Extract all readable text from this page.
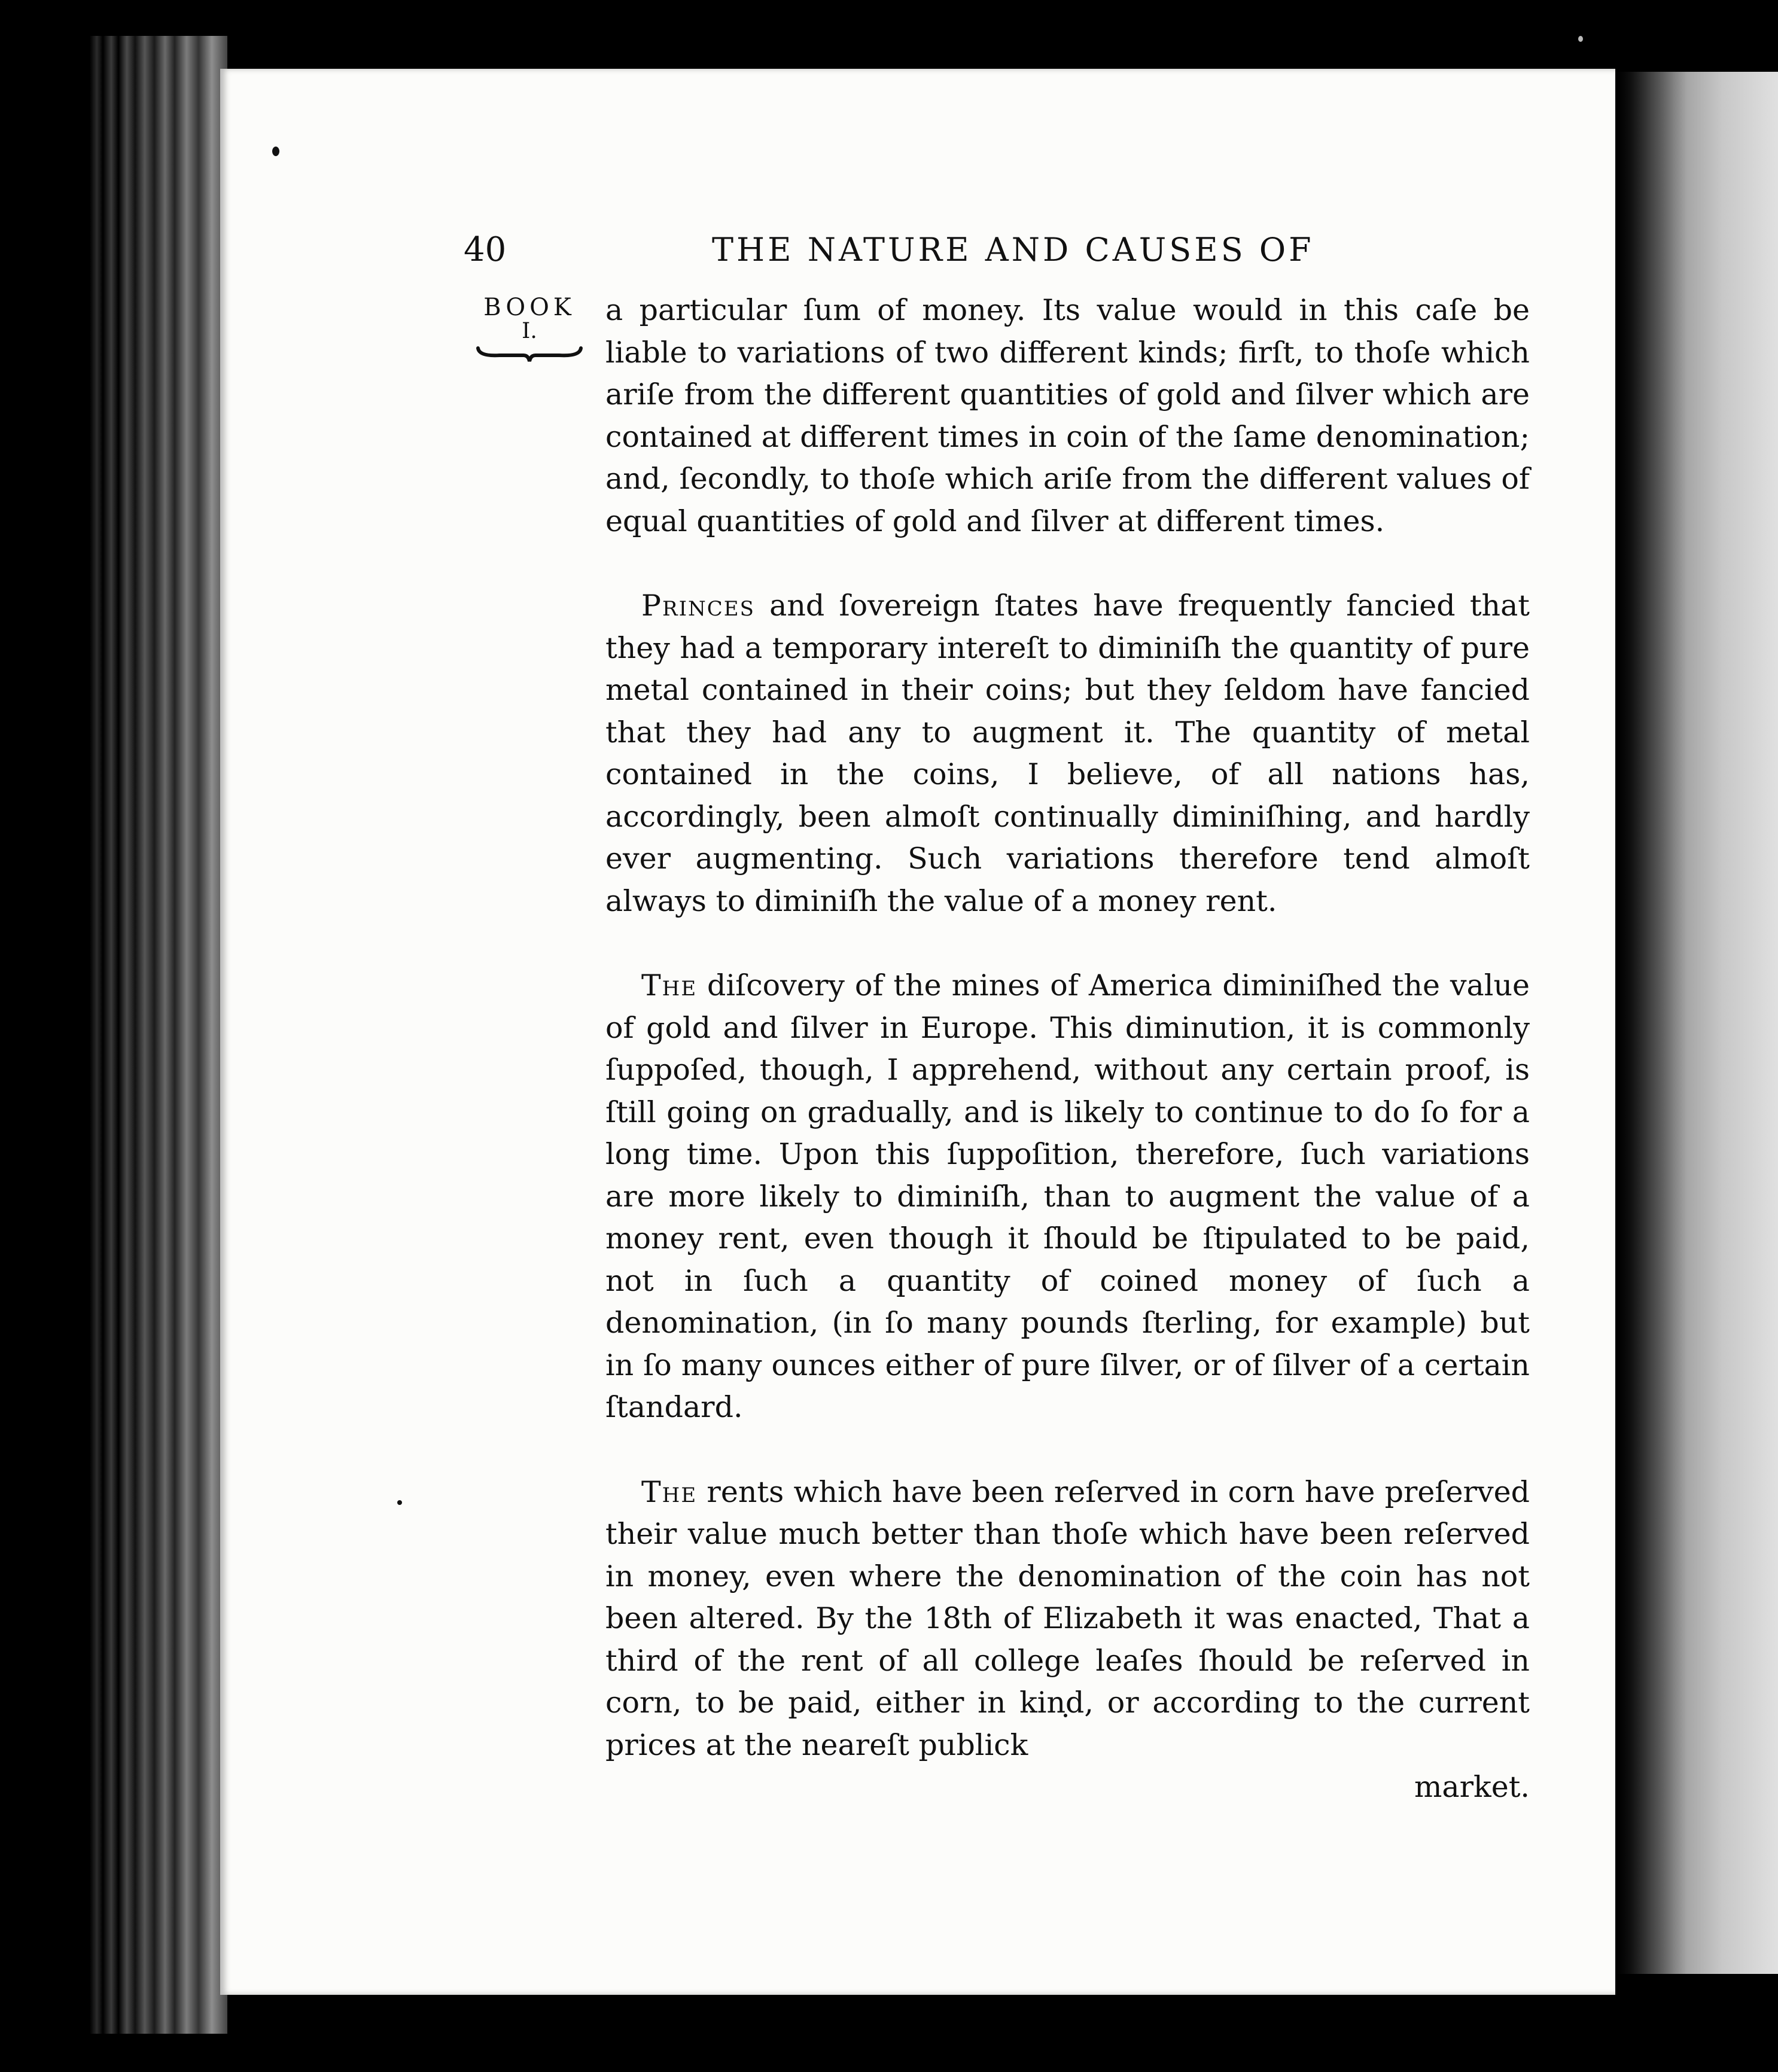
40	THE NATURE AND CAUSES OF
BOOK
I.

a particular ſum of money. Its value would in this caſe be liable to variations of two different kinds; firſt, to thoſe which ariſe from the different quantities of gold and ſilver which are contained at different times in coin of the ſame denomination; and, ſecondly, to thoſe which ariſe from the different values of equal quantities of gold and ſilver at different times.

Princes and ſovereign ſtates have frequently fancied that they had a temporary intereſt to diminiſh the quantity of pure metal contained in their coins; but they ſeldom have fancied that they had any to augment it. The quantity of metal contained in the coins, I believe, of all nations has, accordingly, been almoſt continually diminiſhing, and hardly ever augmenting. Such variations therefore tend almoſt always to diminiſh the value of a money rent.

The diſcovery of the mines of America diminiſhed the value of gold and ſilver in Europe. This diminution, it is commonly ſuppoſed, though, I apprehend, without any certain proof, is ſtill going on gradually, and is likely to continue to do ſo for a long time. Upon this ſuppoſition, therefore, ſuch variations are more likely to diminiſh, than to augment the value of a money rent, even though it ſhould be ſtipulated to be paid, not in ſuch a quantity of coined money of ſuch a denomination, (in ſo many pounds ſterling, for example) but in ſo many ounces either of pure ſilver, or of ſilver of a certain ſtandard.

The rents which have been reſerved in corn have preſerved their value much better than thoſe which have been reſerved in money, even where the denomination of the coin has not been altered. By the 18th of Elizabeth it was enacted, That a third of the rent of all college leaſes ſhould be reſerved in corn, to be paid, either in kind, or according to the current prices at the neareſt publick

market.
